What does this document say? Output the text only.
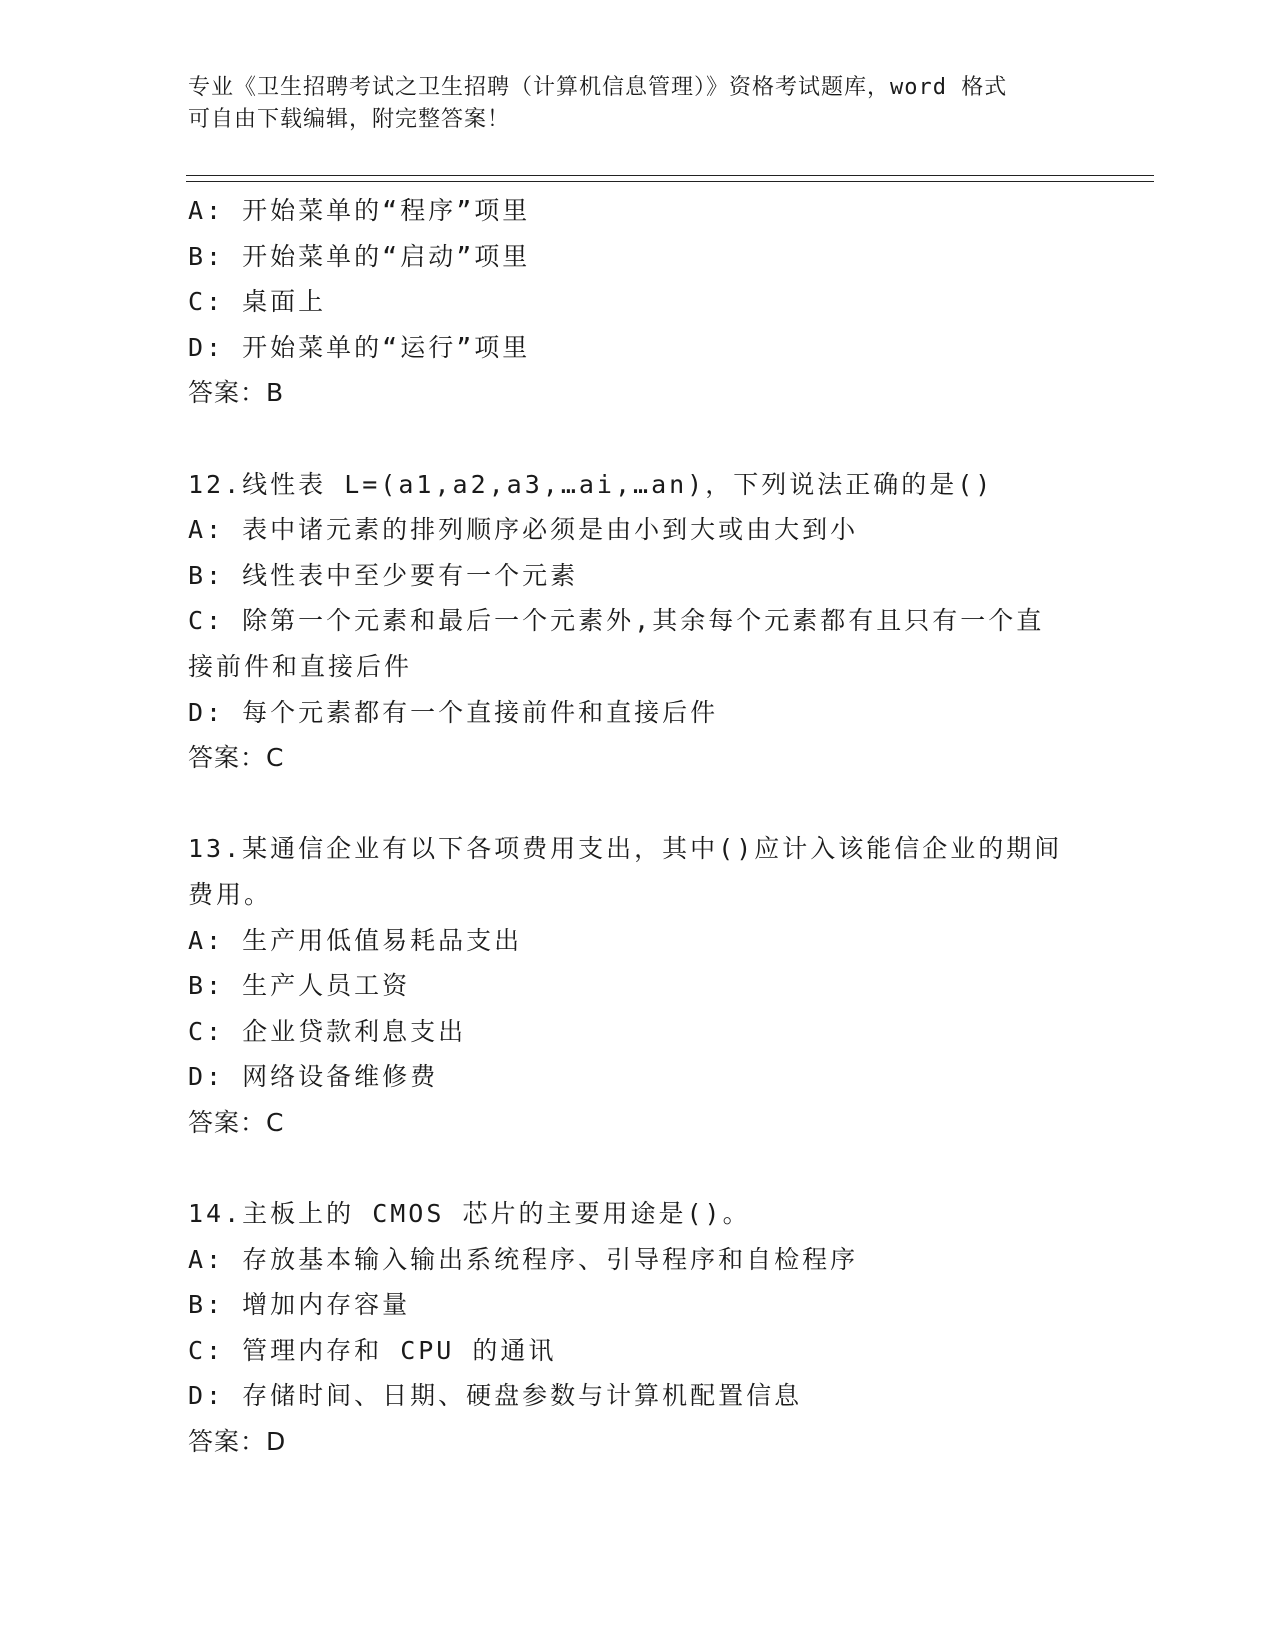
专业《卫生招聘考试之卫生招聘（计算机信息管理）》资格考试题库，word 格式
可自由下载编辑，附完整答案！
A: 开始菜单的“程序”项里
B: 开始菜单的“启动”项里
C: 桌面上
D: 开始菜单的“运行”项里
答案：B
12.线性表 L=(a1,a2,a3,…ai,…an)，下列说法正确的是()
A: 表中诸元素的排列顺序必须是由小到大或由大到小
B: 线性表中至少要有一个元素
C: 除第一个元素和最后一个元素外,其余每个元素都有且只有一个直
接前件和直接后件
D: 每个元素都有一个直接前件和直接后件
答案：C
13.某通信企业有以下各项费用支出，其中()应计入该能信企业的期间
费用。
A: 生产用低值易耗品支出
B: 生产人员工资
C: 企业贷款利息支出
D: 网络设备维修费
答案：C
14.主板上的 CMOS 芯片的主要用途是()。
A: 存放基本输入输出系统程序、引导程序和自检程序
B: 增加内存容量
C: 管理内存和 CPU 的通讯
D: 存储时间、日期、硬盘参数与计算机配置信息
答案：D
